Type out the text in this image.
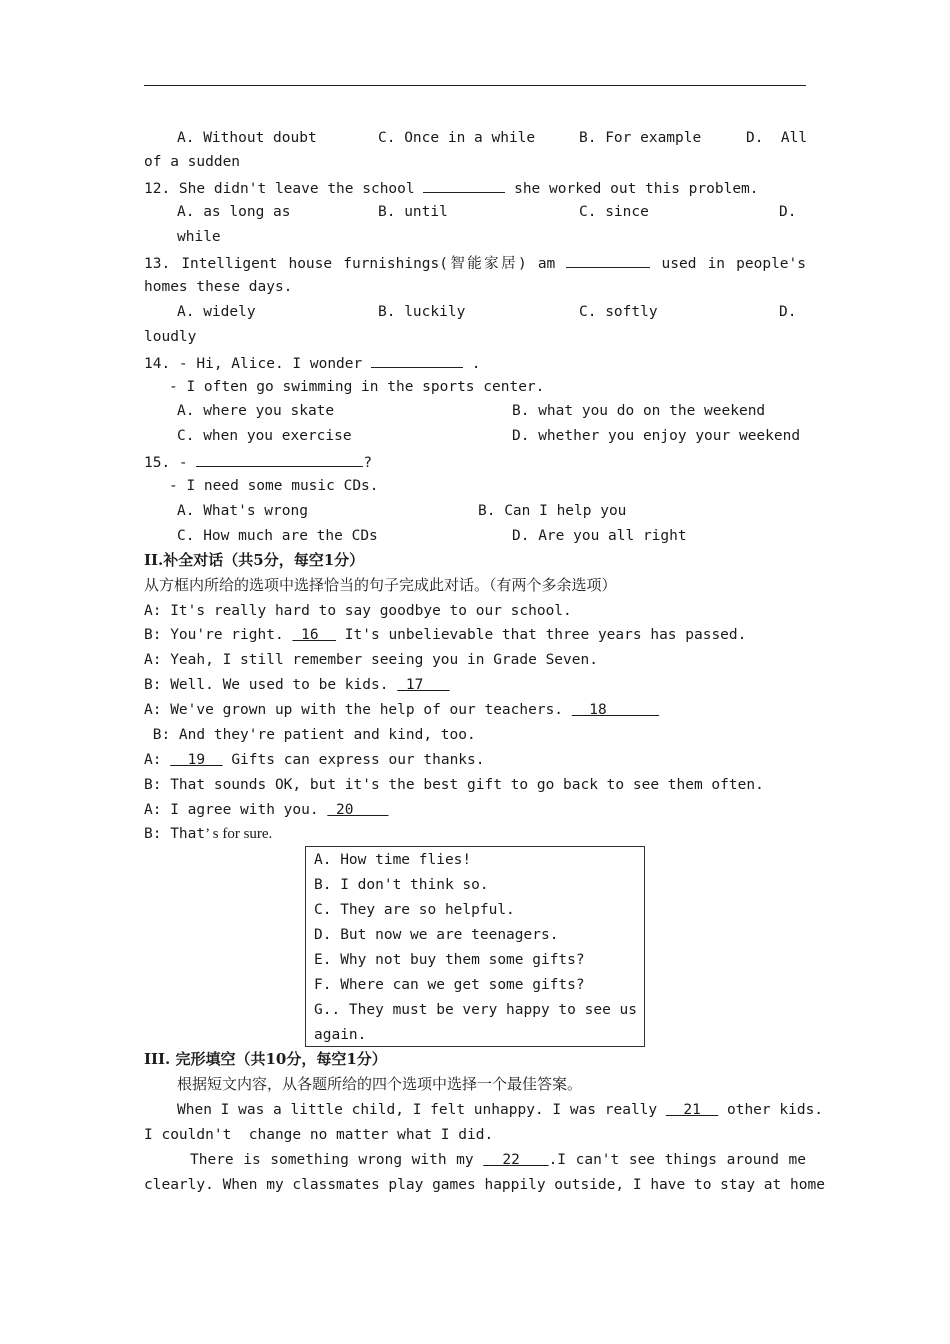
A. Without doubt	C. Once in a while	B. For example	D.  All
of a sudden
12. She didn't leave the school	she worked out this problem.
A. as long as	B. until	C. since	D.
while
13. Intelligent house furnishings(智能家居) am	used in people's
homes these days.
A. widely	B. luckily	C. softly	D.
loudly
14. - Hi, Alice. I wonder	.
- I often go swimming in the sports center.
A. where you skate	B. what you do on the weekend
C. when you exercise	D. whether you enjoy your weekend
15. -	?
- I need some music CDs.
A. What's wrong	B. Can I help you
C. How much are the CDs	D. Are you all right
II.补全对话（共5分，每空1分）
从方框内所给的选项中选择恰当的句子完成此对话。（有两个多余选项）
A: It's really hard to say goodbye to our school.
B: You're right.  16   It's unbelievable that three years has passed.
A: Yeah, I still remember seeing you in Grade Seven.
B: Well. We used to be kids.  17
A: We've grown up with the help of our teachers.   18
B: And they're patient and kind, too.
A:   19   Gifts can express our thanks.
B: That sounds OK, but it's the best gift to go back to see them often.
A: I agree with you.  20
B: That’ s for sure.
A. How time flies!
B. I don't think so.
C. They are so helpful.
D. But now we are teenagers.
E. Why not buy them some gifts?
F. Where can we get some gifts?
G.. They must be very happy to see us
again.
III. 完形填空（共10分，每空1分）
根据短文内容，从各题所给的四个选项中选择一个最佳答案。
When I was a little child, I felt unhappy. I was really   21   other kids.
I couldn't  change no matter what I did.
There is something wrong with my   22   .I can't see things around me
clearly. When my classmates play games happily outside, I have to stay at home
